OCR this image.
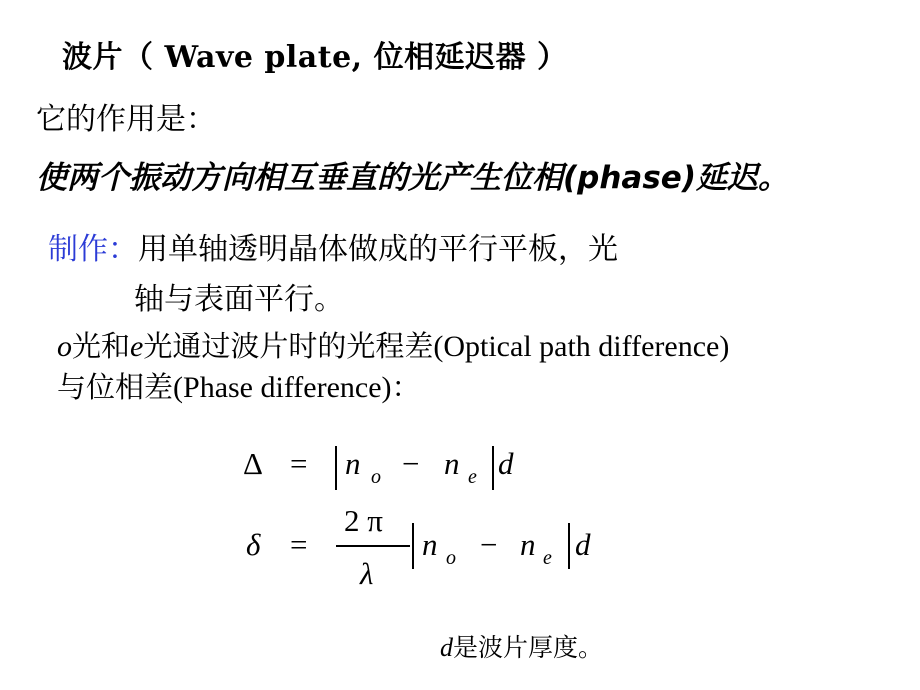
波片（ Wave plate, 位相延迟器 ）
它的作用是：
使两个振动方向相互垂直的光产生位相(phase)延迟。
制作：用单轴透明晶体做成的平行平板，光
轴与表面平行。
o光和e光通过波片时的光程差(Optical path difference)与位相差(Phase difference)：
Δ = n o − n e d
δ =
2 π
λ
n o − n e d
d是波片厚度。
